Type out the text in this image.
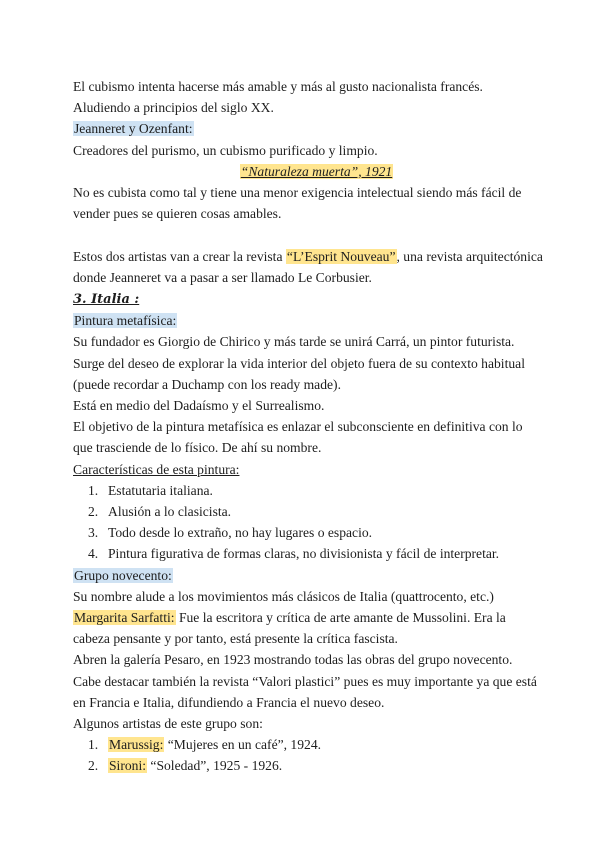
El cubismo intenta hacerse más amable y más al gusto nacionalista francés.

Aludiendo a principios del siglo XX.

Jeanneret y Ozenfant:

Creadores del purismo, un cubismo purificado y limpio.

“Naturaleza muerta”, 1921

No es cubista como tal y tiene una menor exigencia intelectual siendo más fácil de

vender pues se quieren cosas amables.

Estos dos artistas van a crear la revista “L’Esprit Nouveau”, una revista arquitectónica

donde Jeanneret va a pasar a ser llamado Le Corbusier.

3. Italia :

Pintura metafísica:

Su fundador es Giorgio de Chirico y más tarde se unirá Carrá, un pintor futurista.

Surge del deseo de explorar la vida interior del objeto fuera de su contexto habitual

(puede recordar a Duchamp con los ready made).

Está en medio del Dadaísmo y el Surrealismo.

El objetivo de la pintura metafísica es enlazar el subconsciente en definitiva con lo

que trasciende de lo físico. De ahí su nombre.

Características de esta pintura:

1. Estatutaria italiana.
2. Alusión a lo clasicista.
3. Todo desde lo extraño, no hay lugares o espacio.
4. Pintura figurativa de formas claras, no divisionista y fácil de interpretar.

Grupo novecento:

Su nombre alude a los movimientos más clásicos de Italia (quattrocento, etc.)

Margarita Sarfatti: Fue la escritora y crítica de arte amante de Mussolini. Era la

cabeza pensante y por tanto, está presente la crítica fascista.

Abren la galería Pesaro, en 1923 mostrando todas las obras del grupo novecento.

Cabe destacar también la revista “Valori plastici” pues es muy importante ya que está

en Francia e Italia, difundiendo a Francia el nuevo deseo.

Algunos artistas de este grupo son:

1. Marussig: “Mujeres en un café”, 1924.
2. Sironi: “Soledad”, 1925 - 1926.
